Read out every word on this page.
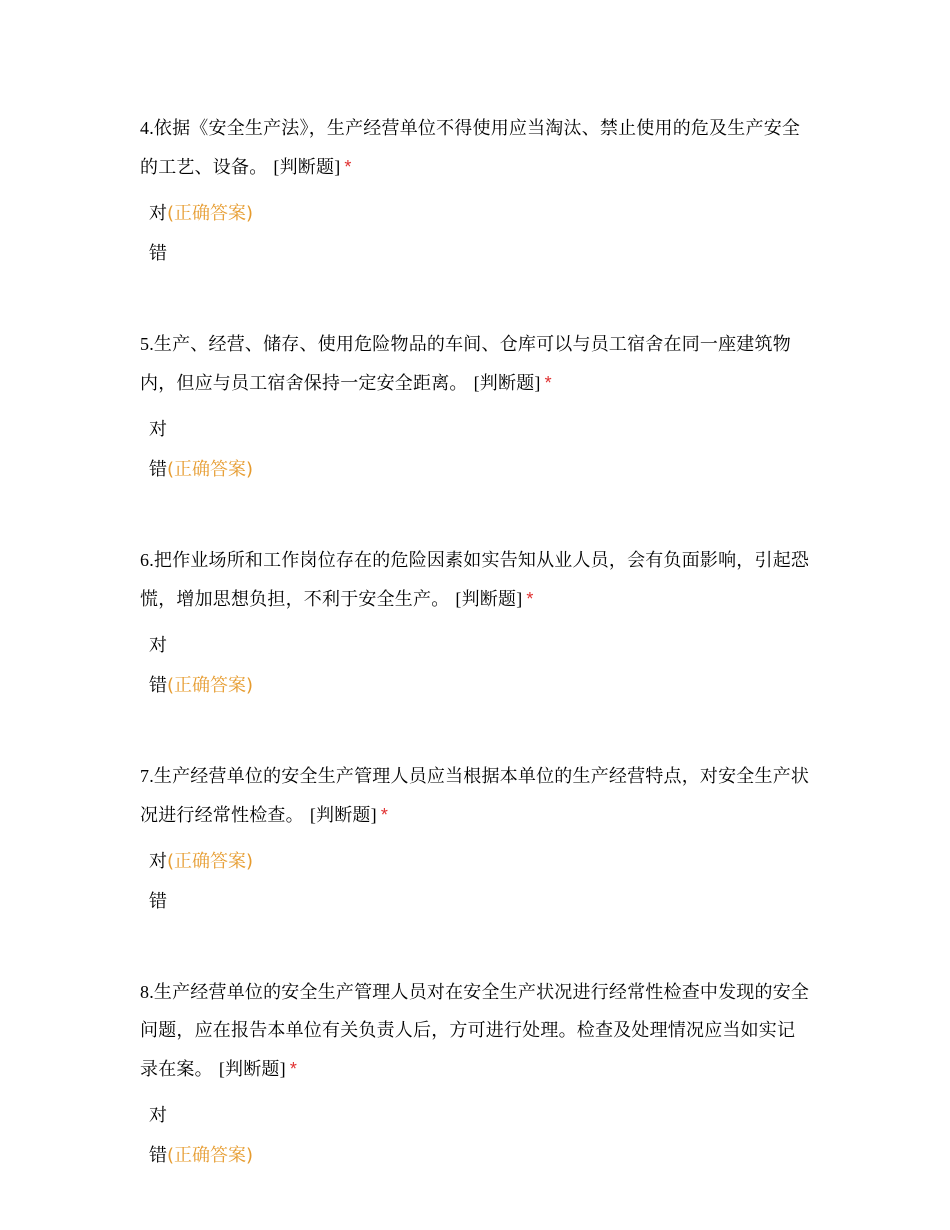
4.依据《安全生产法》，生产经营单位不得使用应当淘汰、禁止使用的危及生产安全的工艺、设备。 [判断题] *

对(正确答案)
错

5.生产、经营、储存、使用危险物品的车间、仓库可以与员工宿舍在同一座建筑物内，但应与员工宿舍保持一定安全距离。 [判断题] *

对
错(正确答案)

6.把作业场所和工作岗位存在的危险因素如实告知从业人员，会有负面影响，引起恐慌，增加思想负担，不利于安全生产。 [判断题] *

对
错(正确答案)

7.生产经营单位的安全生产管理人员应当根据本单位的生产经营特点，对安全生产状况进行经常性检查。 [判断题] *

对(正确答案)
错

8.生产经营单位的安全生产管理人员对在安全生产状况进行经常性检查中发现的安全问题，应在报告本单位有关负责人后，方可进行处理。检查及处理情况应当如实记录在案。 [判断题] *

对
错(正确答案)
